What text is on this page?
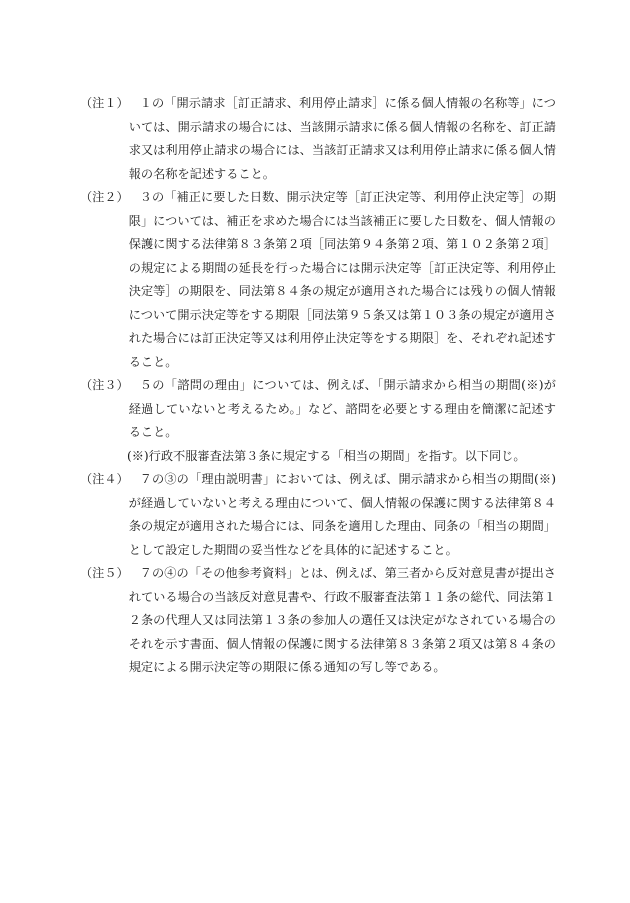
（注１） １の「開示請求［訂正請求、利用停止請求］に係る個人情報の名称等」については、開示請求の場合には、当該開示請求に係る個人情報の名称を、訂正請求又は利用停止請求の場合には、当該訂正請求又は利用停止請求に係る個人情報の名称を記述すること。
（注２） ３の「補正に要した日数、開示決定等［訂正決定等、利用停止決定等］の期限」については、補正を求めた場合には当該補正に要した日数を、個人情報の保護に関する法律第８３条第２項［同法第９４条第２項、第１０２条第２項］の規定による期間の延長を行った場合には開示決定等［訂正決定等、利用停止決定等］の期限を、同法第８４条の規定が適用された場合には残りの個人情報について開示決定等をする期限［同法第９５条又は第１０３条の規定が適用された場合には訂正決定等又は利用停止決定等をする期限］を、それぞれ記述すること。
（注３） ５の「諮問の理由」については、例えば、「開示請求から相当の期間(※)が経過していないと考えるため。」など、諮問を必要とする理由を簡潔に記述すること。
(※)行政不服審査法第３条に規定する「相当の期間」を指す。以下同じ。
（注４） ７の③の「理由説明書」においては、例えば、開示請求から相当の期間(※)が経過していないと考える理由について、個人情報の保護に関する法律第８４条の規定が適用された場合には、同条を適用した理由、同条の「相当の期間」として設定した期間の妥当性などを具体的に記述すること。
（注５） ７の④の「その他参考資料」とは、例えば、第三者から反対意見書が提出されている場合の当該反対意見書や、行政不服審査法第１１条の総代、同法第１２条の代理人又は同法第１３条の参加人の選任又は決定がなされている場合のそれを示す書面、個人情報の保護に関する法律第８３条第２項又は第８４条の規定による開示決定等の期限に係る通知の写し等である。
